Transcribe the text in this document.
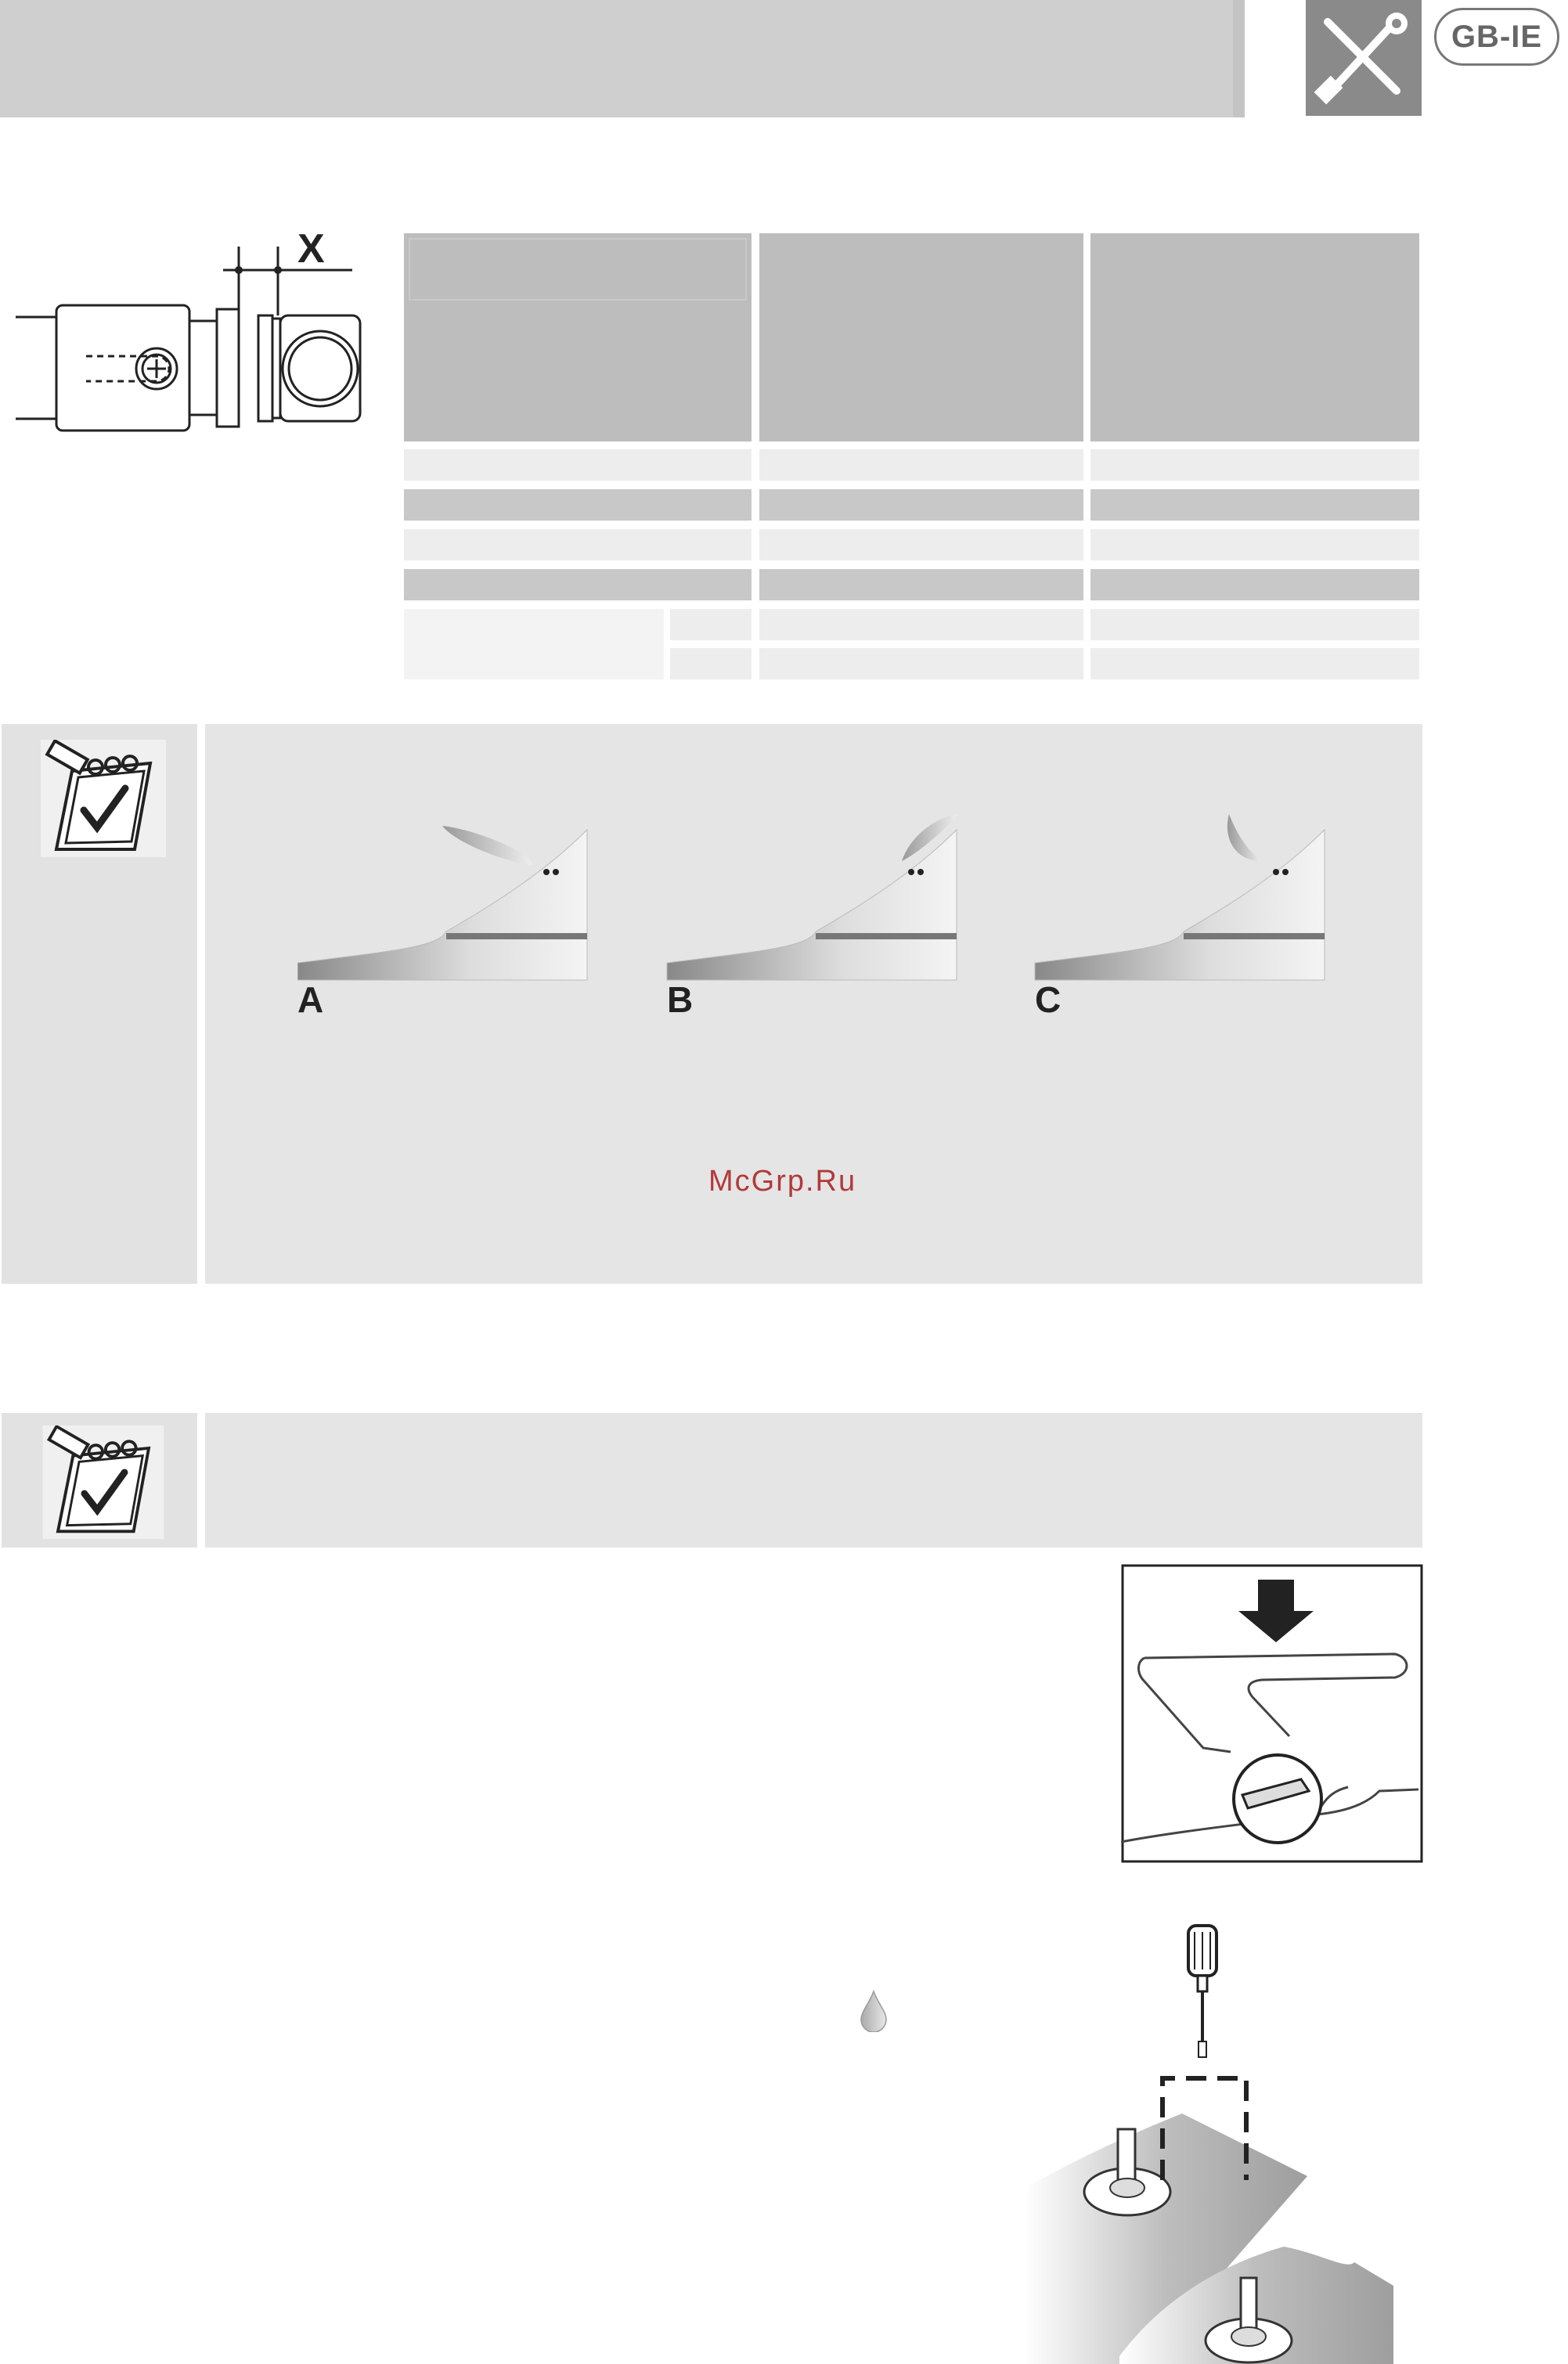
GB-IE
X
A	B	C
McGrp.Ru
